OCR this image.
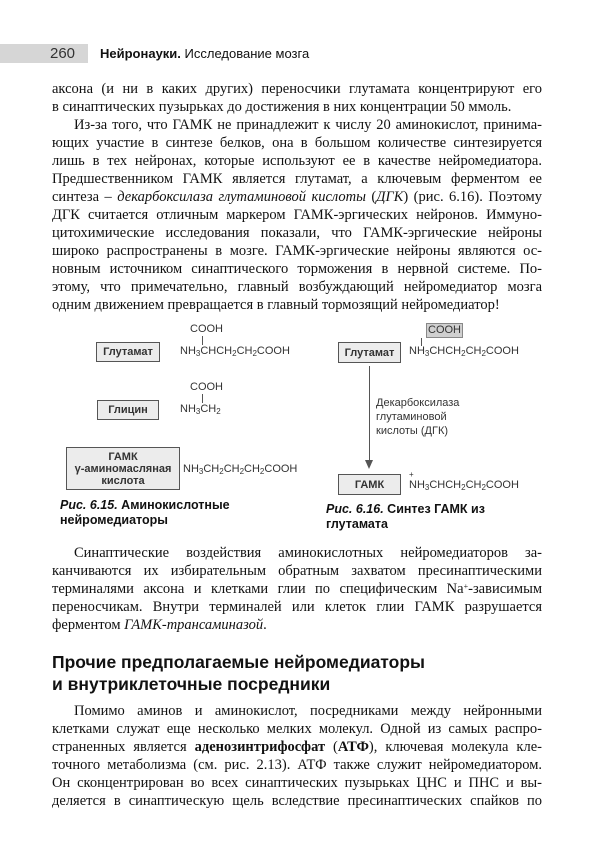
260 Нейронауки. Исследование мозга
аксона (и ни в каких других) переносчики глутамата концентрируют его
в синаптических пузырьках до достижения в них концентрации 50 ммоль.
Из-за того, что ГАМК не принадлежит к числу 20 аминокислот, принима-
ющих участие в синтезе белков, она в большом количестве синтезируется
лишь в тех нейронах, которые используют ее в качестве нейромедиатора.
Предшественником ГАМК является глутамат, а ключевым ферментом ее
синтеза – декарбоксилаза глутаминовой кислоты (ДГК) (рис. 6.16). Поэтому
ДГК считается отличным маркером ГАМК-эргических нейронов. Иммуно-
цитохимические исследования показали, что ГАМК-эргические нейроны
широко распространены в мозге. ГАМК-эргические нейроны являются ос-
новным источником синаптического торможения в нервной системе. По-
этому, что примечательно, главный возбуждающий нейромедиатор мозга
одним движением превращается в главный тормозящий нейромедиатор!
COOH
Глутамат	$NH_3CHCH_2CH_2COOH$
COOH
Глицин	$NH_3CH_2$
ГАМК
γ-аминомасляная
кислота
$NH_3CH_2CH_2CH_2COOH$
Рис. 6.15. Аминокислотные нейромедиаторы
COOH
Глутамат	$NH_3CHCH_2CH_2COOH$
Декарбоксилаза
глутаминовой
кислоты (ДГК)
ГАМК
+
$NH_3CHCH_2CH_2COOH$
Рис. 6.16. Синтез ГАМК из глутамата
Синаптические воздействия аминокислотных нейромедиаторов за-
канчиваются их избирательным обратным захватом пресинаптическими
терминалями аксона и клетками глии по специфическим Na+-зависимым
переносчикам. Внутри терминалей или клеток глии ГАМК разрушается
ферментом ГАМК-трансаминазой.
Прочие предполагаемые нейромедиаторы
и внутриклеточные посредники
Помимо аминов и аминокислот, посредниками между нейронными
клетками служат еще несколько мелких молекул. Одной из самых распро-
страненных является аденозинтрифосфат (АТФ), ключевая молекула кле-
точного метаболизма (см. рис. 2.13). АТФ также служит нейромедиатором.
Он сконцентрирован во всех синаптических пузырьках ЦНС и ПНС и вы-
деляется в синаптическую щель вследствие пресинаптических спайков по
